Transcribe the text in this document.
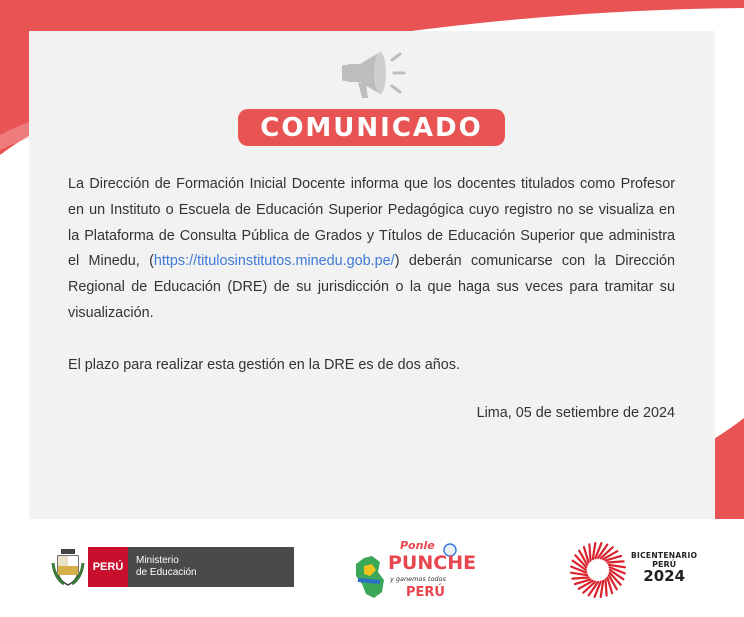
COMUNICADO

La Dirección de Formación Inicial Docente informa que los docentes titulados como Profesor en un Instituto o Escuela de Educación Superior Pedagógica cuyo registro no se visualiza en la Plataforma de Consulta Pública de Grados y Títulos de Educación Superior que administra el Minedu, (https://titulosinstitutos.minedu.gob.pe/) deberán comunicarse con la Dirección Regional de Educación (DRE) de su jurisdicción o la que haga sus veces para tramitar su visualización.

El plazo para realizar esta gestión en la DRE es de dos años.

Lima, 05 de setiembre de 2024
PERÚ
Ministerio
de Educación
Ponle
PUNCHE
y ganemos todos
PERÚ
BICENTENARIO
PERÚ
2024
